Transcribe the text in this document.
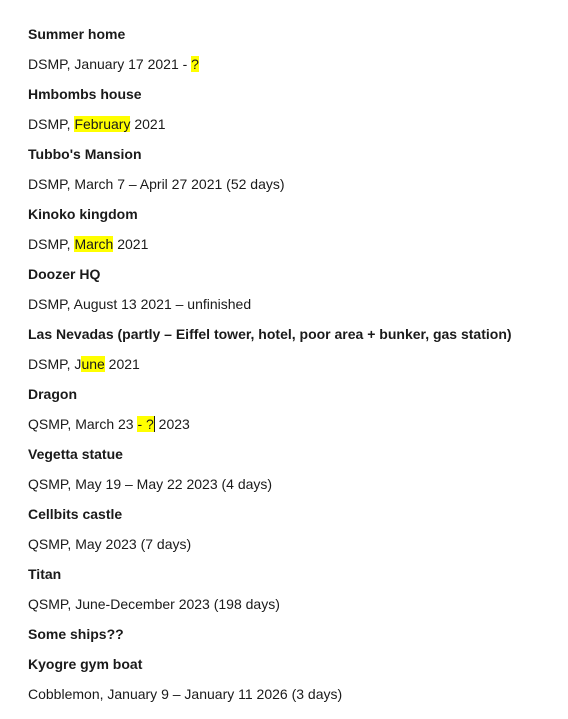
Summer home
DSMP, January 17 2021 - ?
Hmbombs house
DSMP, February 2021
Tubbo's Mansion
DSMP, March 7 – April 27 2021 (52 days)
Kinoko kingdom
DSMP, March 2021
Doozer HQ
DSMP, August 13 2021 – unfinished
Las Nevadas (partly – Eiffel tower, hotel, poor area + bunker, gas station)
DSMP, June 2021
Dragon
QSMP, March 23 - ? 2023
Vegetta statue
QSMP, May 19 – May 22 2023 (4 days)
Cellbits castle
QSMP, May 2023 (7 days)
Titan
QSMP, June-December 2023 (198 days)
Some ships??
Kyogre gym boat
Cobblemon, January 9 – January 11 2026 (3 days)
